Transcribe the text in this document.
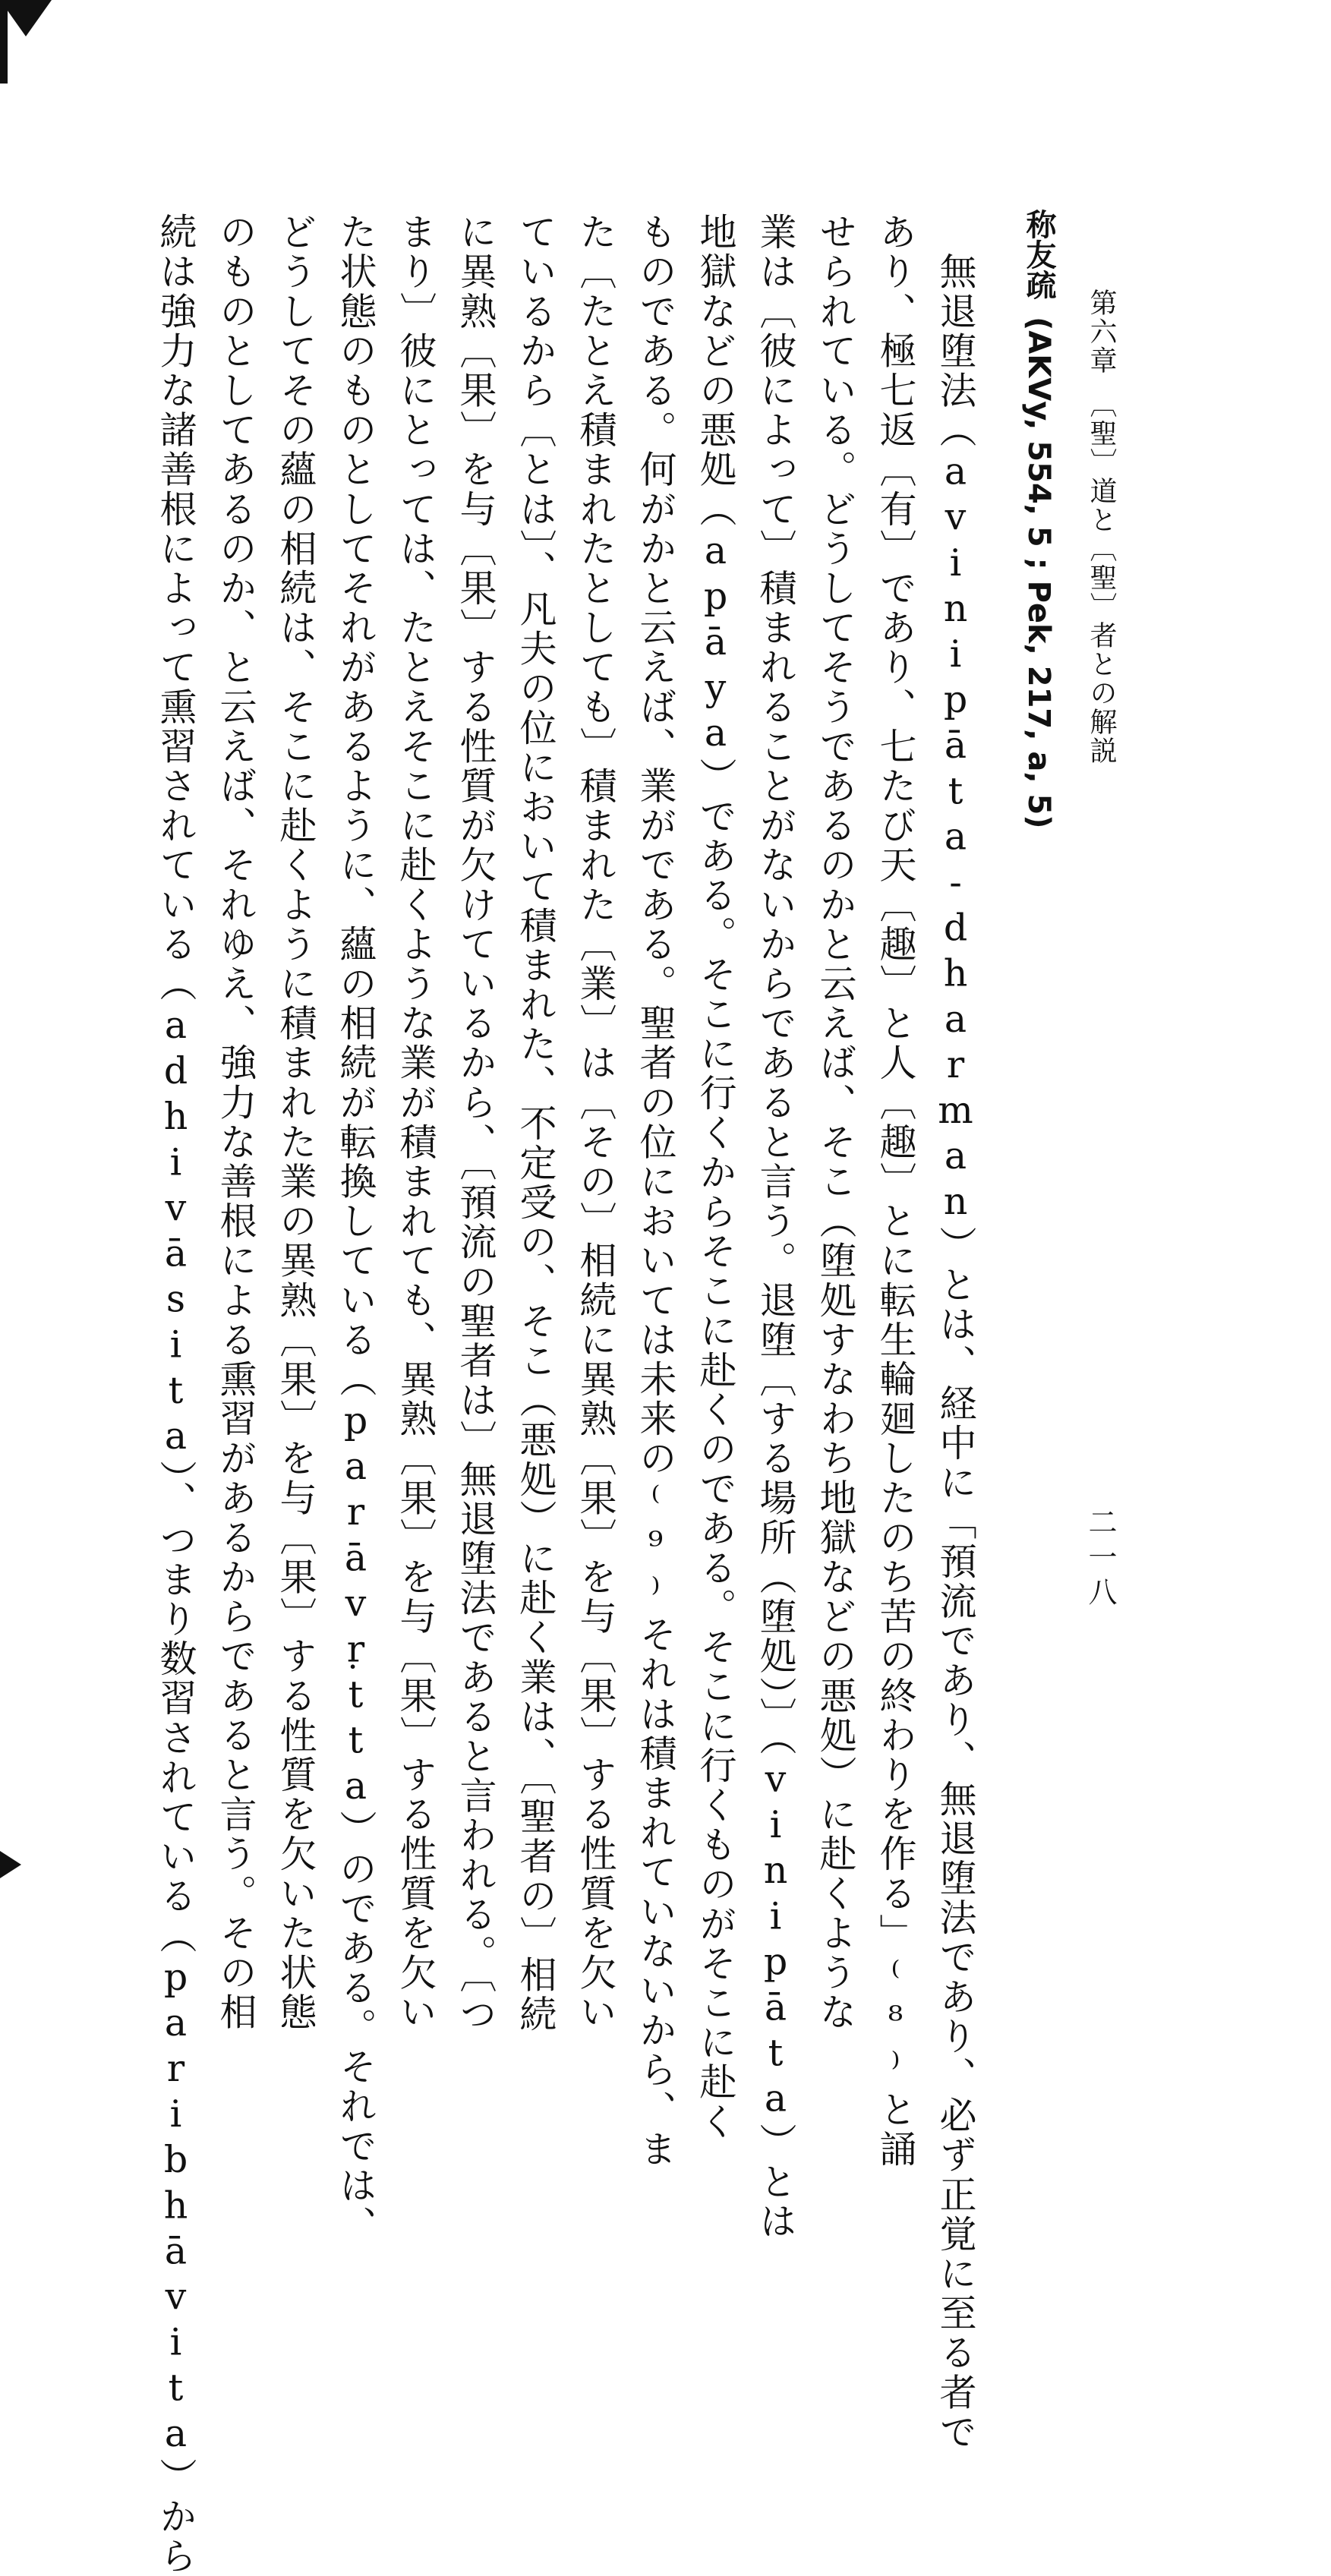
第六章　〔聖〕道と〔聖〕者との解説
二一八
称友疏(AKVy, 554, 5 ; Pek, 217, a, 5)
　無退堕法（avinipāta-dharman）とは、経中に「預流であり、無退堕法であり、必ず正覚に至る者で
あり、極七返〔有〕であり、七たび天〔趣〕と人〔趣〕とに転生輪廻したのち苦の終わりを作る」⁽⁸⁾と誦
せられている。どうしてそうであるのかと云えば、そこ（堕処すなわち地獄などの悪処）に赴くような
業は〔彼によって〕積まれることがないからであると言う。退堕〔する場所（堕処）〕（vinipāta）とは
地獄などの悪処（apāya）である。そこに行くからそこに赴くのである。そこに行くものがそこに赴く
ものである。何がかと云えば、業がである。聖者の位においては未来の⁽⁹⁾それは積まれていないから、ま
た〔たとえ積まれたとしても〕積まれた〔業〕は〔その〕相続に異熟〔果〕を与〔果〕する性質を欠い
ているから〔とは〕、凡夫の位において積まれた、不定受の、そこ（悪処）に赴く業は、〔聖者の〕相続
に異熟〔果〕を与〔果〕する性質が欠けているから、〔預流の聖者は〕無退堕法であると言われる。〔つ
まり〕彼にとっては、たとえそこに赴くような業が積まれても、異熟〔果〕を与〔果〕する性質を欠い
た状態のものとしてそれがあるように、蘊の相続が転換している（parāvṛtta）のである。それでは、
どうしてその蘊の相続は、そこに赴くように積まれた業の異熟〔果〕を与〔果〕する性質を欠いた状態
のものとしてあるのか、と云えば、それゆえ、強力な善根による熏習があるからであると言う。その相
続は強力な諸善根によって熏習されている（adhivāsita）、つまり数習されている（paribhāvita）から
